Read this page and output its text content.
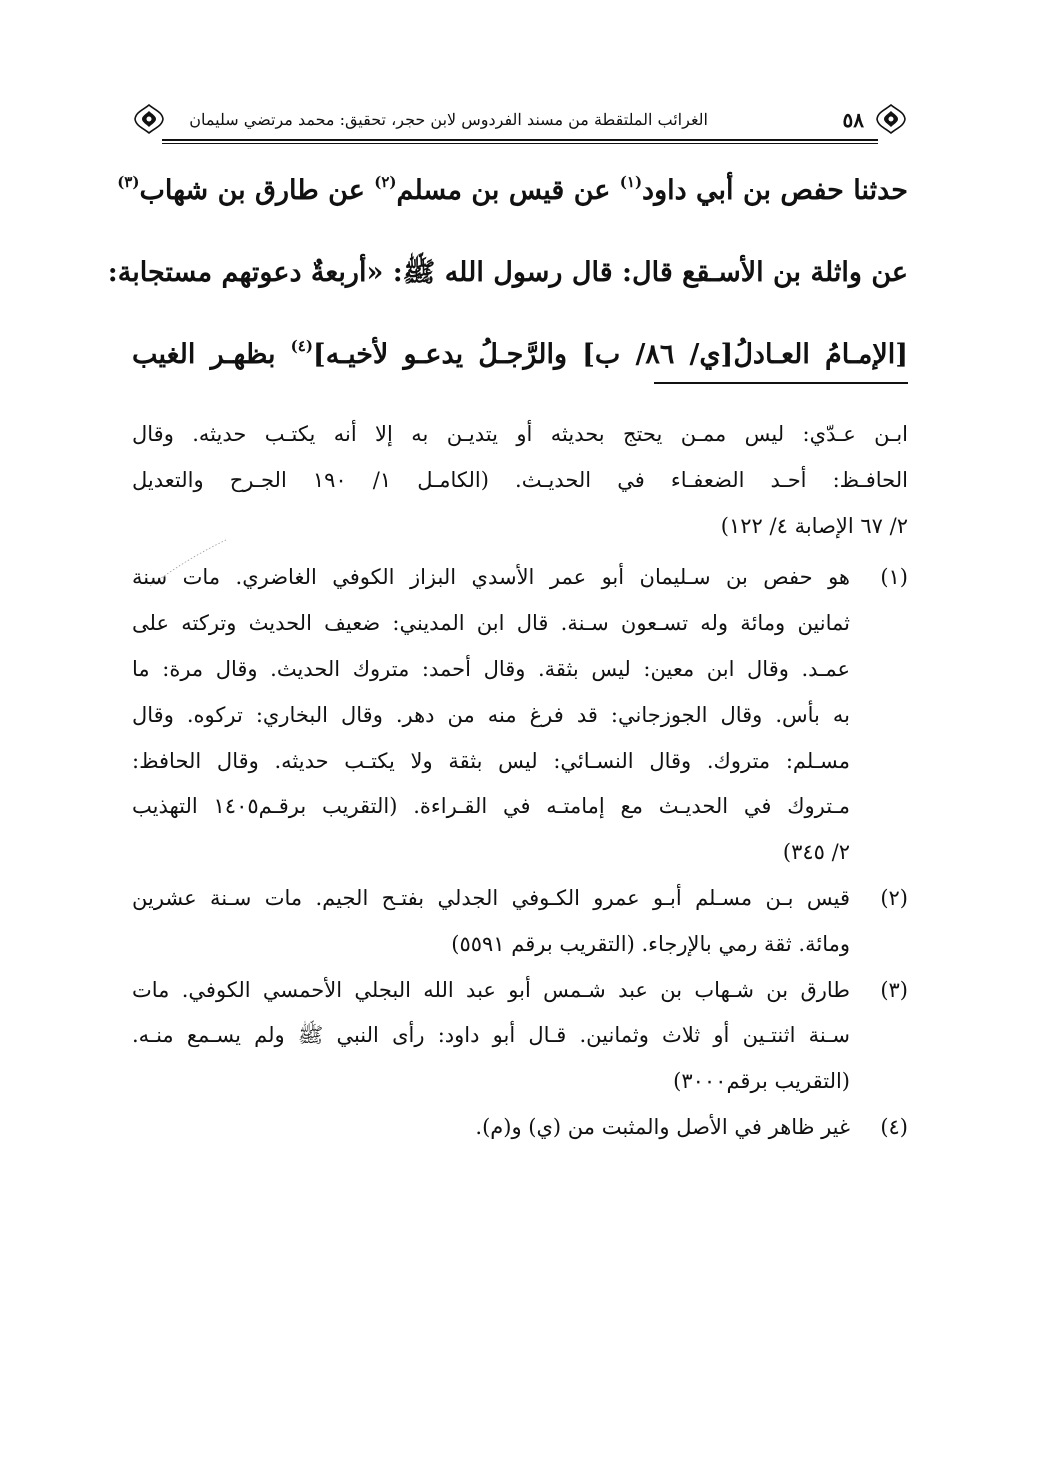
٥٨
الغرائب الملتقطة من مسند الفردوس لابن حجر، تحقيق: محمد مرتضي سليمان
حدثنا حفص بن أبي داود$^{(١)}$ عن قيس بن مسلم$^{(٢)}$ عن طارق بن شهاب$^{(٣)}$
عن واثلة بن الأسـقع قال: قال رسول الله ﷺ: «أربعةٌ دعوتهم مستجابة:
[الإمـامُ العـادلُ[ي/ ٨٦/ ب] والرَّجـلُ يدعـو لأخيـه]$^{(٤)}$ بظهـر الغيب
ابـن عـدّي: ليس ممـن يحتج بحديثه أو يتديـن به إلا أنه يكتـب حديثه. وقال
الحافـظ: أحـد الضعفـاء في الحديـث. (الكامـل ١/ ١٩٠ الجـرح والتعديل
٢/ ٦٧ الإصابة ٤/ ١٢٢)
(١)
هو حفص بن سـليمان أبو عمر الأسدي البزاز الكوفي الغاضري. مات سنة
ثمانين ومائة وله تسـعون سـنة. قال ابن المديني: ضعيف الحديث وتركته على
عمـد. وقال ابن معين: ليس بثقة. وقال أحمد: متروك الحديث. وقال مرة: ما
به بأس. وقال الجوزجاني: قد فرغ منه من دهر. وقال البخاري: تركوه. وقال
مسـلم: متروك. وقال النسـائي: ليس بثقة ولا يكتـب حديثه. وقال الحافظ:
مـتروك في الحديـث مع إمامتـه في القـراءة. (التقريب برقـم١٤٠٥ التهذيب
٢/ ٣٤٥)
(٢)
قيس بـن مسـلم أبـو عمرو الكـوفي الجدلي بفتـح الجيم. مات سـنة عشرين
ومائة. ثقة رمي بالإرجاء. (التقريب برقم ٥٥٩١)
(٣)
طارق بن شـهاب بن عبد شـمس أبو عبد الله البجلي الأحمسي الكوفي. مات
سـنة اثنتـين أو ثلاث وثمانين. قـال أبو داود: رأى النبي ﷺ ولم يسـمع منـه.
(التقريب برقم٣٠٠٠)
(٤)
غير ظاهر في الأصل والمثبت من (ي) و(م).
